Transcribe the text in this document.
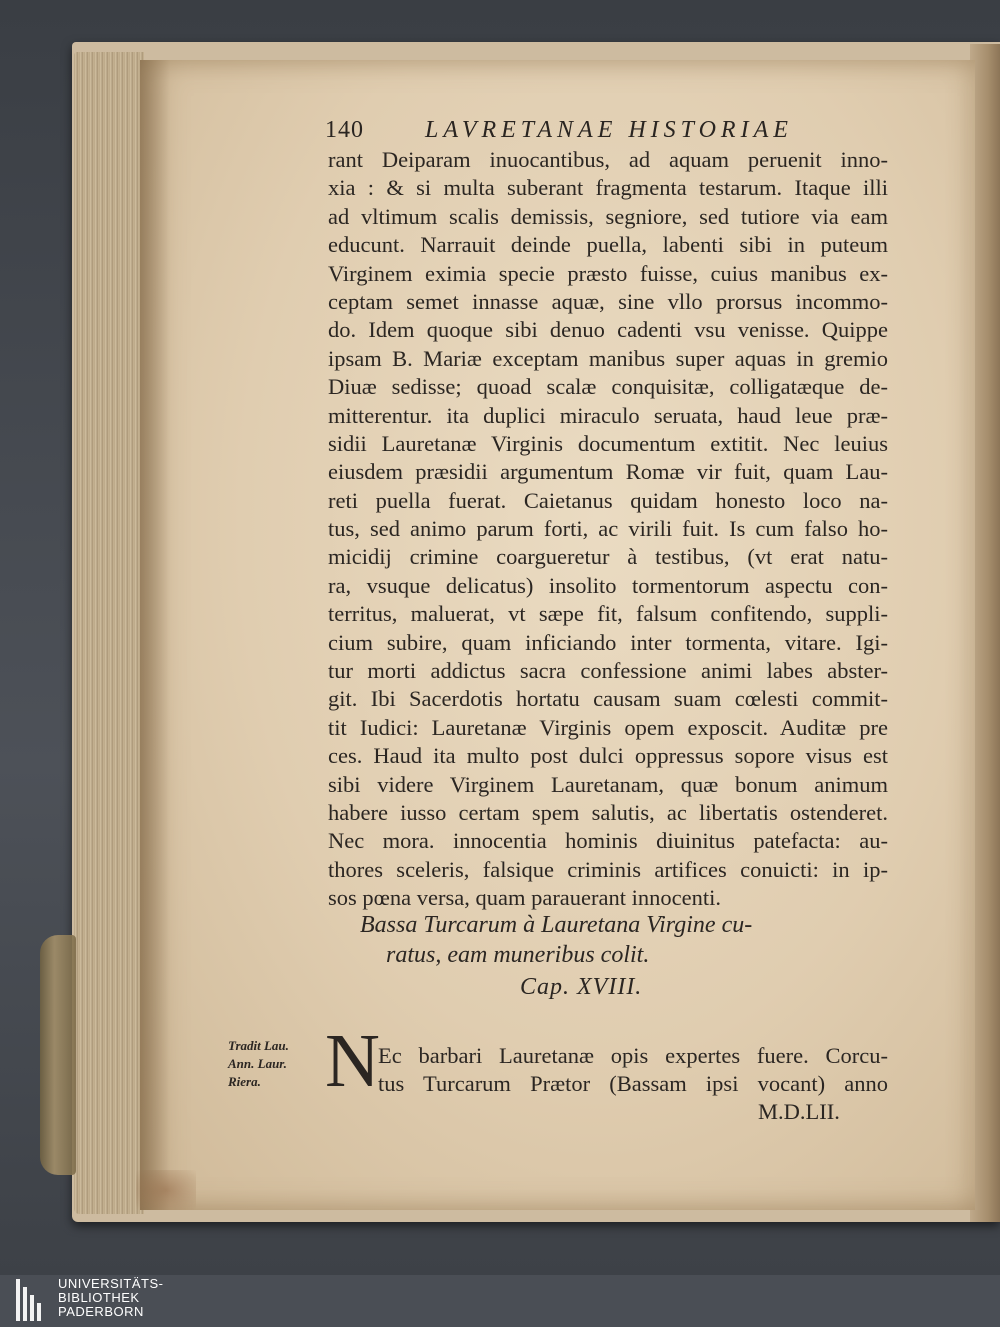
140	LAVRETANAE HISTORIAE
rant Deiparam inuocantibus, ad aquam peruenit inno-
xia : & si multa suberant fragmenta testarum. Itaque illi
ad vltimum scalis demissis, segniore, sed tutiore via eam
educunt. Narrauit deinde puella, labenti sibi in puteum
Virginem eximia specie præsto fuisse, cuius manibus ex-
ceptam semet innasse aquæ, sine vllo prorsus incommo-
do. Idem quoque sibi denuo cadenti vsu venisse. Quippe
ipsam B. Mariæ exceptam manibus super aquas in gremio
Diuæ sedisse; quoad scalæ conquisitæ, colligatæque de-
mitterentur. ita duplici miraculo seruata, haud leue præ-
sidii Lauretanæ Virginis documentum extitit. Nec leuius
eiusdem præsidii argumentum Romæ vir fuit, quam Lau-
reti puella fuerat. Caietanus quidam honesto loco na-
tus, sed animo parum forti, ac virili fuit. Is cum falso ho-
micidij crimine coargueretur à testibus, (vt erat natu-
ra, vsuque delicatus) insolito tormentorum aspectu con-
territus, maluerat, vt sæpe fit, falsum confitendo, suppli-
cium subire, quam inficiando inter tormenta, vitare. Igi-
tur morti addictus sacra confessione animi labes abster-
git. Ibi Sacerdotis hortatu causam suam cœlesti commit-
tit Iudici: Lauretanæ Virginis opem exposcit. Auditæ pre
ces. Haud ita multo post dulci oppressus sopore visus est
sibi videre Virginem Lauretanam, quæ bonum animum
habere iusso certam spem salutis, ac libertatis ostenderet.
Nec mora. innocentia hominis diuinitus patefacta: au-
thores sceleris, falsique criminis artifices conuicti: in ip-
sos pœna versa, quam parauerant innocenti.
Bassa Turcarum à Lauretana Virgine cu-
ratus, eam muneribus colit.
Cap. XVIII.
Tradit Lau.
Ann. Laur.
Riera. N
Ec barbari Lauretanæ opis expertes fuere. Corcu-
tus Turcarum Prætor (Bassam ipsi vocant) anno
M.D.LII.
UNIVERSITÄTS-
BIBLIOTHEK
PADERBORN
